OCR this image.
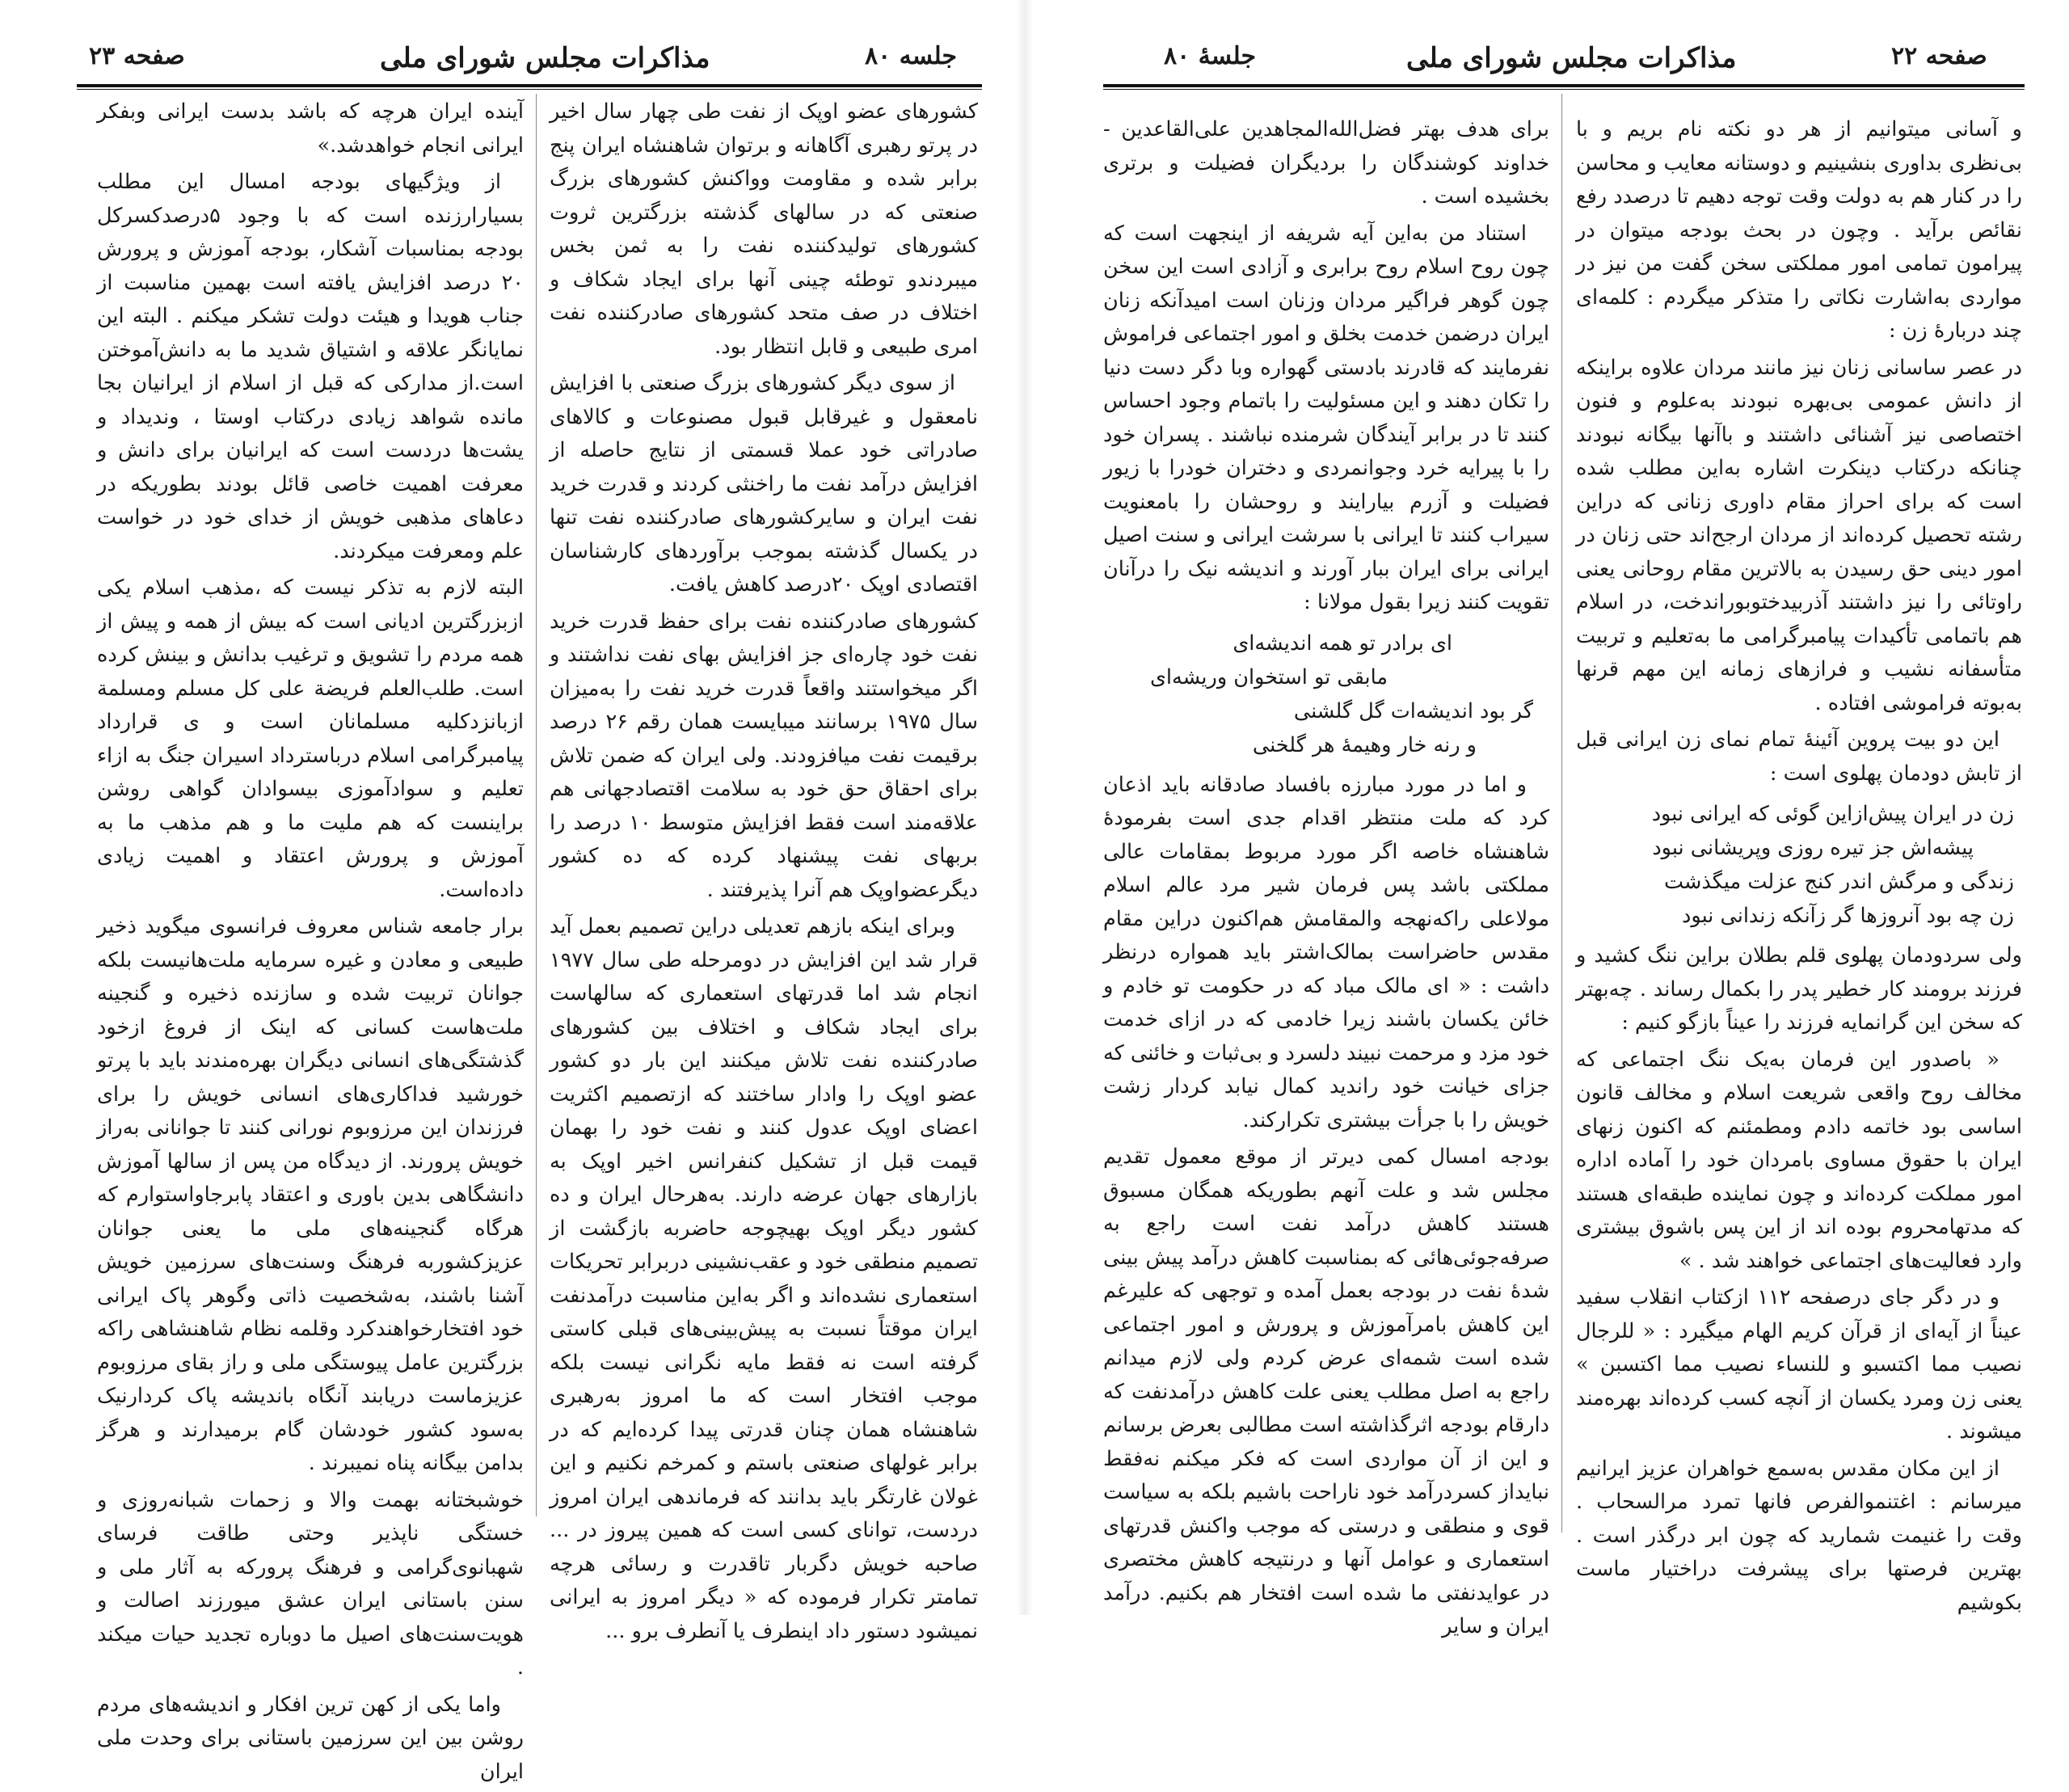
صفحه ۲۳	مذاکرات مجلس شورای ملی	جلسه ۸۰

کشورهای عضو اوپک از نفت طی چهار سال اخیر در پرتو رهبری آگاهانه و برتوان شاهنشاه ایران پنج برابر شده و مقاومت وواکنش کشورهای بزرگ صنعتی که در سالهای گذشته بزرگترین ثروت کشورهای تولیدکننده نفت را به ثمن بخس میبردندو توطئه چینی آنها برای ایجاد شکاف و اختلاف در صف متحد کشورهای صادرکننده نفت امری طبیعی و قابل انتظار بود.

از سوی دیگر کشورهای بزرگ صنعتی با افزایش نامعقول و غیرقابل قبول مصنوعات و کالاهای صادراتی خود عملا قسمتی از نتایج حاصله از افزایش درآمد نفت ما راخنثی کردند و قدرت خرید نفت ایران و سایرکشورهای صادرکننده نفت تنها در یکسال گذشته بموجب برآوردهای کارشناسان اقتصادی اوپک ۲۰درصد کاهش یافت.

کشورهای صادرکننده نفت برای حفظ قدرت خرید نفت خود چاره‌ای جز افزایش بهای نفت نداشتند و اگر میخواستند واقعاً قدرت خرید نفت را به‌میزان سال ۱۹۷۵ برسانند میبایست همان رقم ۲۶ درصد برقیمت نفت میافزودند. ولی ایران که ضمن تلاش برای احقاق حق خود به سلامت اقتصادجهانی هم علاقه‌مند است فقط افزایش متوسط ۱۰ درصد را بربهای نفت پیشنهاد کرده که ده کشور دیگرعضواوپک هم آنرا پذیرفتند .

وبرای اینکه بازهم تعدیلی دراین تصمیم بعمل آید قرار شد این افزایش در دومرحله طی سال ۱۹۷۷ انجام شد اما قدرتهای استعماری که سالهاست برای ایجاد شکاف و اختلاف بین کشورهای صادرکننده نفت تلاش میکنند این بار دو کشور عضو اوپک را وادار ساختند که ازتصمیم اکثریت اعضای اوپک عدول کنند و نفت خود را بهمان قیمت قبل از تشکیل کنفرانس اخیر اوپک به بازارهای جهان عرضه دارند. به‌هرحال ایران و ده کشور دیگر اوپک بهیچوجه حاضربه بازگشت از تصمیم منطقی خود و عقب‌نشینی دربرابر تحریکات استعماری نشده‌اند و اگر به‌این مناسبت درآمدنفت ایران موقتاً نسبت به پیش‌بینی‌های قبلی کاستی گرفته است نه فقط مایه نگرانی نیست بلکه موجب افتخار است که ما امروز به‌رهبری شاهنشاه همان چنان قدرتی پیدا کرده‌ایم که در برابر غولهای صنعتی باستم و کمرخم نکنیم و این غولان غارتگر باید بدانند که فرماندهی ایران امروز دردست، توانای کسی است که همین پیروز در ... صاحبه خویش دگربار تاقدرت و رسائی هرچه تمامتر تکرار فرموده که « دیگر امروز به ایرانی نمیشود دستور داد اینطرف یا آنطرف برو ...

آینده ایران هرچه که باشد بدست ایرانی وبفکر ایرانی انجام خواهدشد.»

از ویژگیهای بودجه امسال این مطلب بسیارارزنده است که با وجود ۵درصدکسرکل بودجه بمناسبات آشکار، بودجه آموزش و پرورش ۲۰ درصد افزایش یافته است بهمین مناسبت از جناب هویدا و هیئت دولت تشکر میکنم . البته این نمایانگر علاقه و اشتیاق شدید ما به دانش‌آموختن است.از مدارکی که قبل از اسلام از ایرانیان بجا مانده شواهد زیادی درکتاب اوستا ، وندیداد و یشت‌ها دردست است که ایرانیان برای دانش و معرفت اهمیت خاصی قائل بودند بطوریکه در دعاهای مذهبی خویش از خدای خود در خواست علم ومعرفت میکردند.

البته لازم به تذکر نیست که ،مذهب اسلام یکی ازبزرگترین ادیانی است که بیش از همه و پیش از همه مردم را تشویق و ترغیب بدانش و بینش کرده است. طلب‌العلم فریضة علی کل مسلم ومسلمة ازبانزدکلیه مسلمانان است و ی قرارداد پیامبرگرامی اسلام درباسترداد اسیران جنگ به ازاء تعلیم و سوادآموزی بیسوادان گواهی روشن براینست که هم ملیت ما و هم مذهب ما به آموزش و پرورش اعتقاد و اهمیت زیادی داده‌است.

برار جامعه شناس معروف فرانسوی میگوید ذخیر طبیعی و معادن و غیره سرمایه ملت‌هانیست بلکه جوانان تربیت شده و سازنده ذخیره و گنجینه ملت‌هاست کسانی که اینک از فروغ ازخود گذشتگی‌های انسانی دیگران بهره‌مندند باید با پرتو خورشید فداکاری‌های انسانی خویش را برای فرزندان این مرزوبوم نورانی کنند تا جوانانی به‌راز خویش پرورند. از دیدگاه من پس از سالها آموزش دانشگاهی بدین باوری و اعتقاد پابرجاواستوارم که هرگاه گنجینه‌های ملی ما یعنی جوانان عزیزکشوربه فرهنگ وسنت‌های سرزمین خویش آشنا باشند، به‌شخصیت ذاتی وگوهر پاک ایرانی خود افتخارخواهندکرد وقلمه نظام شاهنشاهی راکه بزرگترین عامل پیوستگی ملی و راز بقای مرزوبوم عزیزماست دریابند آنگاه باندیشه پاک کردارنیک به‌سود کشور خودشان گام برمیدارند و هرگز بدامن بیگانه پناه نمیبرند .

خوشبختانه بهمت والا و زحمات شبانه‌روزی و خستگی ناپذیر وحتی طاقت فرسای شهبانوی‌گرامی و فرهنگ پرورکه به آثار ملی و سنن باستانی ایران عشق میورزند اصالت و هویت‌سنت‌های اصیل ما دوباره تجدید حیات میکند .

واما یکی از کهن ترین افکار و اندیشه‌های مردم روشن بین این سرزمین باستانی برای وحدت ملی ایران

جلسهٔ ۸۰	مذاکرات مجلس شورای ملی	صفحه ۲۲

و آسانی میتوانیم از هر دو نکته نام بریم و با بی‌نظری بداوری بنشینیم و دوستانه معایب و محاسن را در کنار هم به دولت وقت توجه دهیم تا درصدد رفع نقائص برآید . وچون در بحث بودجه میتوان در پیرامون تمامی امور مملکتی سخن گفت من نیز در مواردی به‌اشارت نکاتی را متذکر میگردم : کلمه‌ای چند دربارهٔ زن :

در عصر ساسانی زنان نیز مانند مردان علاوه براینکه از دانش عمومی بی‌بهره نبودند به‌علوم و فنون اختصاصی نیز آشنائی داشتند و باآنها بیگانه نبودند چنانکه درکتاب دینکرت اشاره به‌این مطلب شده است که برای احراز مقام داوری زنانی که دراین رشته تحصیل کرده‌اند از مردان ارجح‌اند حتی زنان در امور دینی حق رسیدن به بالاترین مقام روحانی یعنی راوتائی را نیز داشتند آذربیدختوبوراندخت، در اسلام هم باتمامی تأکیدات پیامبرگرامی ما به‌تعلیم و تربیت متأسفانه نشیب و فرازهای زمانه این مهم قرنها به‌بوته فراموشی افتاده .

این دو بیت پروین آئینهٔ تمام نمای زن ایرانی قبل از تابش دودمان پهلوی است :

زن در ایران پیش‌ازاین گوئی که ایرانی نبود
پیشه‌اش جز تیره روزی وپریشانی نبود
زندگی و مرگش اندر کنج عزلت میگذشت
زن چه بود آنروزها گر زآنکه زندانی نبود

ولی سردودمان پهلوی قلم بطلان براین ننگ کشید و فرزند برومند کار خطیر پدر را بکمال رساند . چه‌بهتر که سخن این گرانمایه فرزند را عیناً بازگو کنیم :

« باصدور این فرمان به‌یک ننگ اجتماعی که مخالف روح واقعی شریعت اسلام و مخالف قانون اساسی بود خاتمه دادم ومطمئنم که اکنون زنهای ایران با حقوق مساوی بامردان خود را آماده اداره امور مملکت کرده‌اند و چون نماینده طبقه‌ای هستند که مدتهامحروم بوده اند از این پس باشوق بیشتری وارد فعالیت‌های اجتماعی خواهند شد . »

و در دگر جای درصفحه ۱۱۲ ازکتاب انقلاب سفید عیناً از آیه‌ای از قرآن کریم الهام میگیرد : « للرجال نصیب مما اکتسبو و للنساء نصیب مما اکتسبن » یعنی زن ومرد یکسان از آنچه کسب کرده‌اند بهره‌مند میشوند .

از این مکان مقدس به‌سمع خواهران عزیز ایرانیم میرسانم : اغتنموالفرص فانها تمرد مرالسحاب . وقت را غنیمت شمارید که چون ابر درگذر است . بهترین فرصتها برای پیشرفت دراختیار ماست بکوشیم

برای هدف بهتر فضل‌الله‌المجاهدین علی‌القاعدین - خداوند کوشندگان را بردیگران فضیلت و برتری بخشیده است .

استناد من به‌این آیه شریفه از اینجهت است که چون روح اسلام روح برابری و آزادی است این سخن چون گوهر فراگیر مردان وزنان است امیدآنکه زنان ایران درضمن خدمت بخلق و امور اجتماعی فراموش نفرمایند که قادرند بادستی گهواره وبا دگر دست دنیا را تکان دهند و این مسئولیت را باتمام وجود احساس کنند تا در برابر آیندگان شرمنده نباشند . پسران خود را با پیرایه خرد وجوانمردی و دختران خودرا با زیور فضیلت و آزرم بیارایند و روحشان را بامعنویت سیراب کنند تا ایرانی با سرشت ایرانی و سنت اصیل ایرانی برای ایران ببار آورند و اندیشه نیک را درآنان تقویت کنند زیرا بقول مولانا :

ای برادر تو همه اندیشه‌ای
مابقی تو استخوان وریشه‌ای
گر بود اندیشه‌ات گل گلشنی
و رنه خار وهیمهٔ هر گلخنی

و اما در مورد مبارزه بافساد صادقانه باید اذعان کرد که ملت منتظر اقدام جدی است بفرمودهٔ شاهنشاه خاصه اگر مورد مربوط بمقامات عالی مملکتی باشد پس فرمان شیر مرد عالم اسلام مولاعلی راکه‌نهجه والمقامش هم‌اکنون دراین مقام مقدس حاضراست بمالک‌اشتر باید همواره درنظر داشت : « ای مالک مباد که در حکومت تو خادم و خائن یکسان باشند زیرا خادمی که در ازای خدمت خود مزد و مرحمت نبیند دلسرد و بی‌ثبات و خائنی که جزای خیانت خود راندید کمال نیابد کردار زشت خویش را با جرأت بیشتری تکرارکند.

بودجه امسال کمی دیرتر از موقع معمول تقدیم مجلس شد و علت آنهم بطوریکه همگان مسبوق هستند کاهش درآمد نفت است راجع به صرفه‌جوئی‌هائی که بمناسبت کاهش درآمد پیش بینی شدهٔ نفت در بودجه بعمل آمده و توجهی که علیرغم این کاهش بامرآموزش و پرورش و امور اجتماعی شده است شمه‌ای عرض کردم ولی لازم میدانم راجع به اصل مطلب یعنی علت کاهش درآمدنفت که دارقام بودجه اثرگذاشته است مطالبی بعرض برسانم و این از آن مواردی است که فکر میکنم نه‌فقط نبایداز کسردرآمد خود ناراحت باشیم بلکه به سیاست قوی و منطقی و درستی که موجب واکنش قدرتهای استعماری و عوامل آنها و درنتیجه کاهش مختصری در عوایدنفتی ما شده است افتخار هم بکنیم. درآمد ایران و سایر
